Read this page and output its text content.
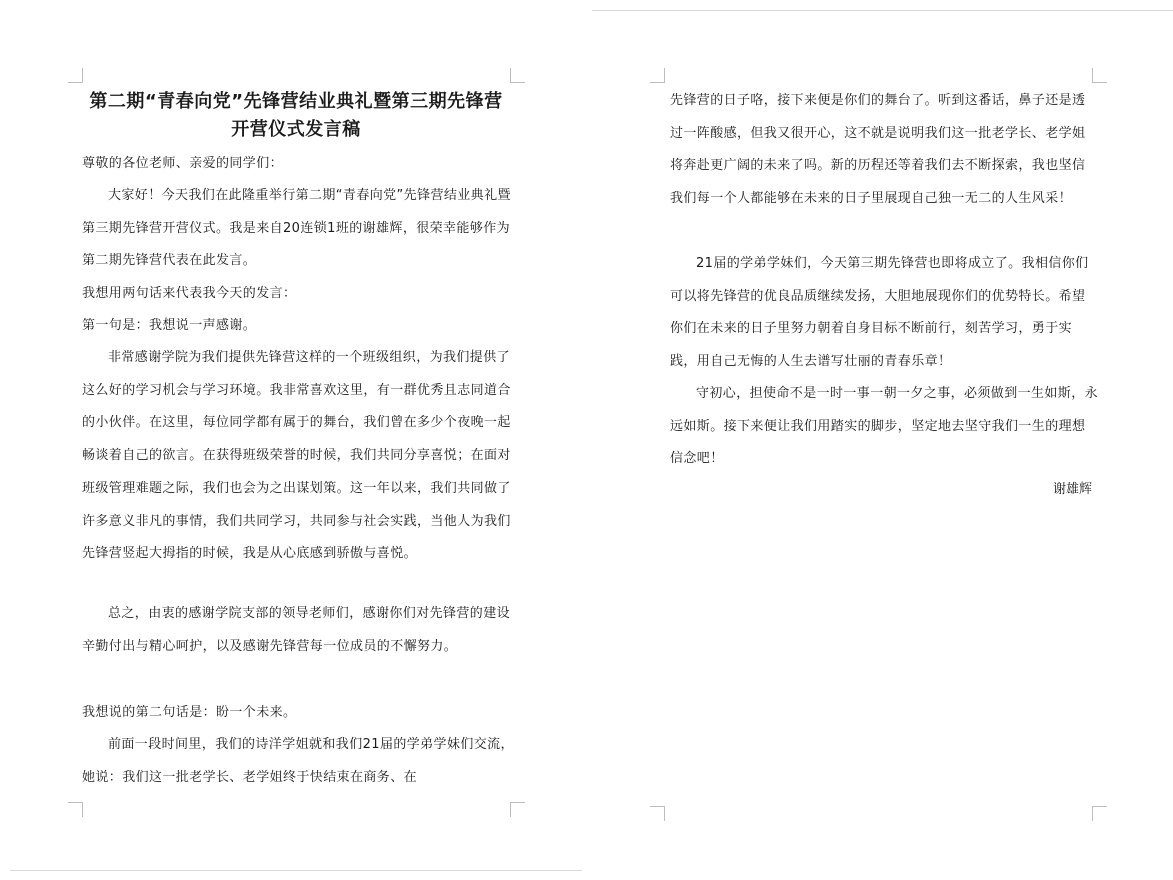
第二期“青春向党”先锋营结业典礼暨第三期先锋营
开营仪式发言稿

尊敬的各位老师、亲爱的同学们：

大家好！今天我们在此隆重举行第二期“青春向党”先锋营结业典礼暨第三期先锋营开营仪式。我是来自20连锁1班的谢雄辉，很荣幸能够作为第二期先锋营代表在此发言。

我想用两句话来代表我今天的发言：

第一句是：我想说一声感谢。

非常感谢学院为我们提供先锋营这样的一个班级组织，为我们提供了这么好的学习机会与学习环境。我非常喜欢这里，有一群优秀且志同道合的小伙伴。在这里，每位同学都有属于的舞台，我们曾在多少个夜晚一起畅谈着自己的欲言。在获得班级荣誉的时候，我们共同分享喜悦；在面对班级管理难题之际，我们也会为之出谋划策。这一年以来，我们共同做了许多意义非凡的事情，我们共同学习，共同参与社会实践，当他人为我们先锋营竖起大拇指的时候，我是从心底感到骄傲与喜悦。

总之，由衷的感谢学院支部的领导老师们，感谢你们对先锋营的建设辛勤付出与精心呵护，以及感谢先锋营每一位成员的不懈努力。

我想说的第二句话是：盼一个未来。

前面一段时间里，我们的诗洋学姐就和我们21届的学弟学妹们交流，她说：我们这一批老学长、老学姐终于快结束在商务、在

先锋营的日子咯，接下来便是你们的舞台了。听到这番话，鼻子还是透过一阵酸感，但我又很开心，这不就是说明我们这一批老学长、老学姐将奔赴更广阔的未来了吗。新的历程还等着我们去不断探索，我也坚信我们每一个人都能够在未来的日子里展现自己独一无二的人生风采！

21届的学弟学妹们，今天第三期先锋营也即将成立了。我相信你们可以将先锋营的优良品质继续发扬，大胆地展现你们的优势特长。希望你们在未来的日子里努力朝着自身目标不断前行，刻苦学习，勇于实践，用自己无悔的人生去谱写壮丽的青春乐章！

守初心，担使命不是一时一事一朝一夕之事，必须做到一生如斯，永远如斯。接下来便让我们用踏实的脚步，坚定地去坚守我们一生的理想信念吧！

谢雄辉
